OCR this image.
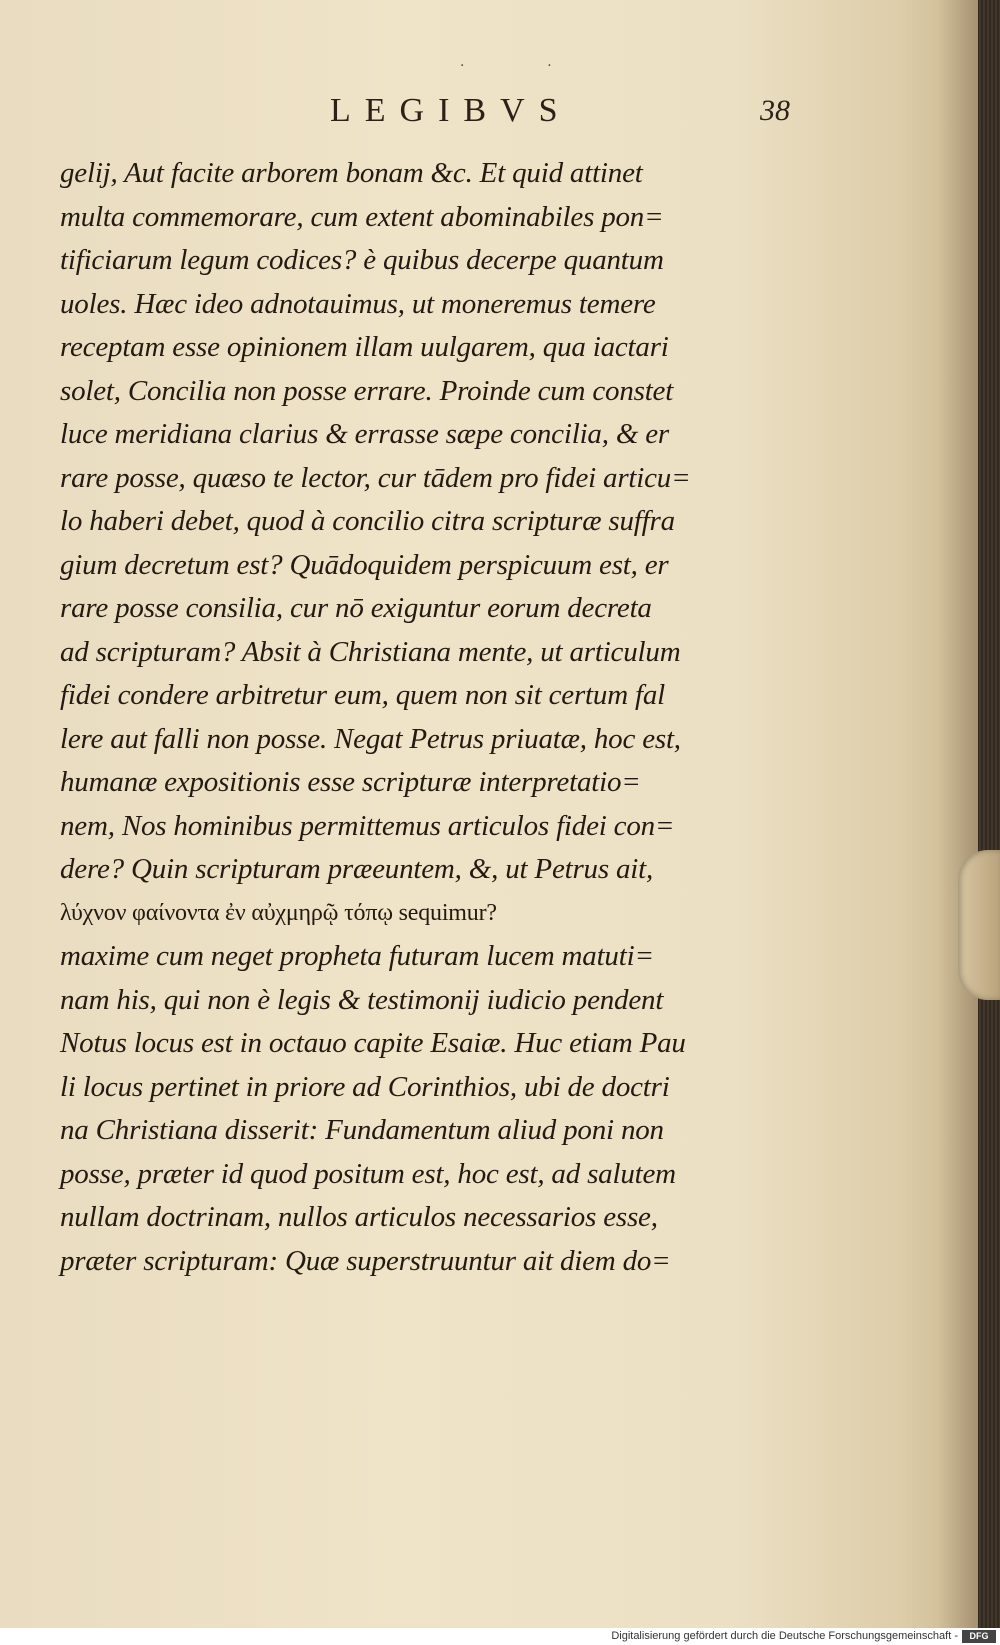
· ·
LEGIBVS	38
gelij, Aut facite arborem bonam &c. Et quid attinet
multa commemorare, cum extent abominabiles pon=
tificiarum legum codices? è quibus decerpe quantum
uoles. Hæc ideo adnotauimus, ut moneremus temere
receptam esse opinionem illam uulgarem, qua iactari
solet, Concilia non posse errare. Proinde cum constet
luce meridiana clarius & errasse sæpe concilia, & er
rare posse, quæso te lector, cur tādem pro fidei articu=
lo haberi debet, quod à concilio citra scripturæ suffra
gium decretum est? Quādoquidem perspicuum est, er
rare posse consilia, cur nō exiguntur eorum decreta
ad scripturam? Absit à Christiana mente, ut articulum
fidei condere arbitretur eum, quem non sit certum fal
lere aut falli non posse. Negat Petrus priuatæ, hoc est,
humanæ expositionis esse scripturæ interpretatio=
nem, Nos hominibus permittemus articulos fidei con=
dere? Quin scripturam præeuntem, &, ut Petrus ait,
λύχνον φαίνοντα ἐν αὐχμηρῷ τόπῳ sequimur?
maxime cum neget propheta futuram lucem matuti=
nam his, qui non è legis & testimonij iudicio pendent
Notus locus est in octauo capite Esaiæ. Huc etiam Pau
li locus pertinet in priore ad Corinthios, ubi de doctri
na Christiana disserit: Fundamentum aliud poni non
posse, præter id quod positum est, hoc est, ad salutem
nullam doctrinam, nullos articulos necessarios esse,
præter scripturam: Quæ superstruuntur ait diem do=
Digitalisierung gefördert durch die Deutsche Forschungsgemeinschaft -	DFG
